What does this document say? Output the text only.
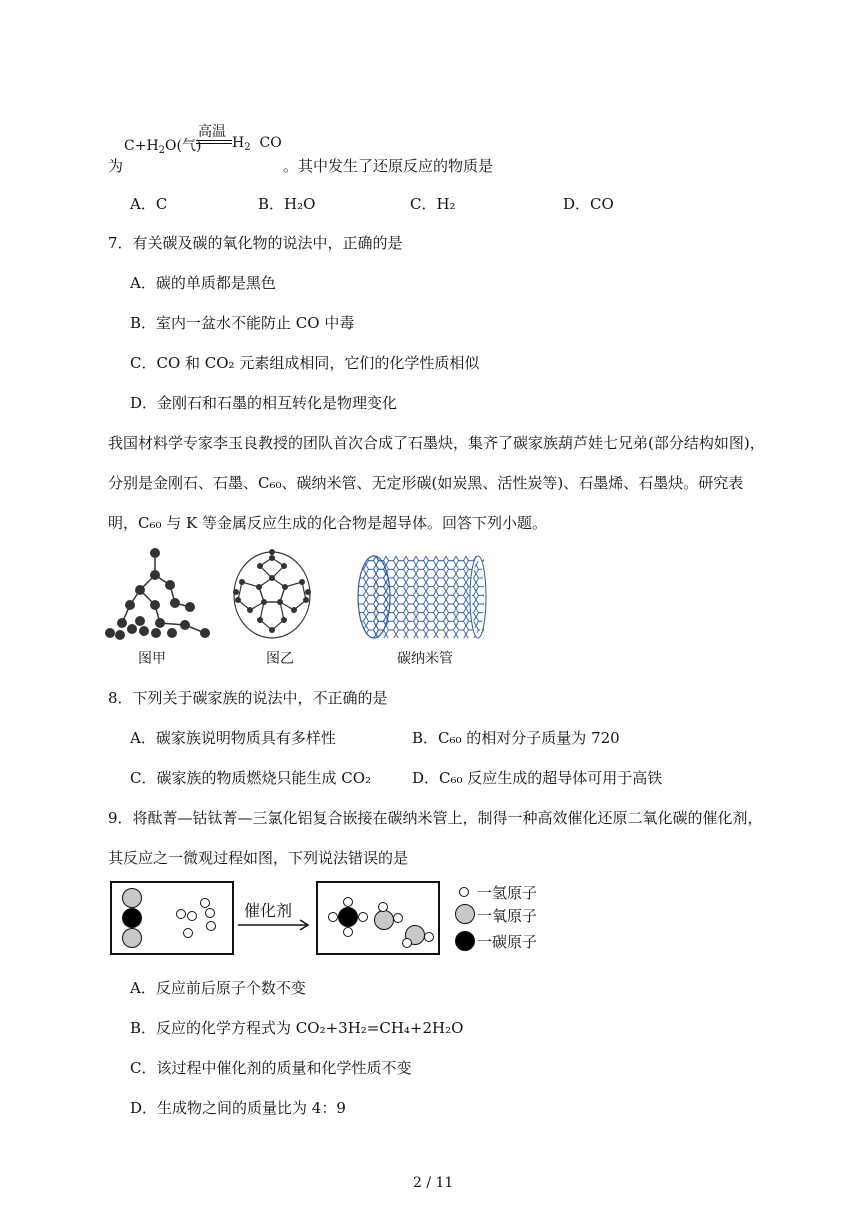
高温
$C+H_2O$(气) $H_2$ CO
为	。其中发生了还原反应的物质是
A．C	B．H₂O	C．H₂	D．CO
7．有关碳及碳的氧化物的说法中，正确的是
A．碳的单质都是黑色
B．室内一盆水不能防止 CO 中毒
C．CO 和 CO₂ 元素组成相同，它们的化学性质相似
D．金刚石和石墨的相互转化是物理变化
我国材料学专家李玉良教授的团队首次合成了石墨炔，集齐了碳家族葫芦娃七兄弟(部分结构如图)，
分别是金刚石、石墨、C₆₀、碳纳米管、无定形碳(如炭黑、活性炭等)、石墨烯、石墨炔。研究表
明，C₆₀ 与 K 等金属反应生成的化合物是超导体。回答下列小题。
图甲	图乙	碳纳米管
8．下列关于碳家族的说法中，不正确的是
A．碳家族说明物质具有多样性	B．C₆₀ 的相对分子质量为 720
C．碳家族的物质燃烧只能生成 CO₂	D．C₆₀ 反应生成的超导体可用于高铁
9．将酞菁—钴钛菁—三氯化铝复合嵌接在碳纳米管上，制得一种高效催化还原二氧化碳的催化剂，
其反应之一微观过程如图，下列说法错误的是
催化剂
一氢原子
一氧原子
一碳原子
A．反应前后原子个数不变
B．反应的化学方程式为 CO₂+3H₂=CH₄+2H₂O
C．该过程中催化剂的质量和化学性质不变
D．生成物之间的质量比为 4：9
2 / 11
